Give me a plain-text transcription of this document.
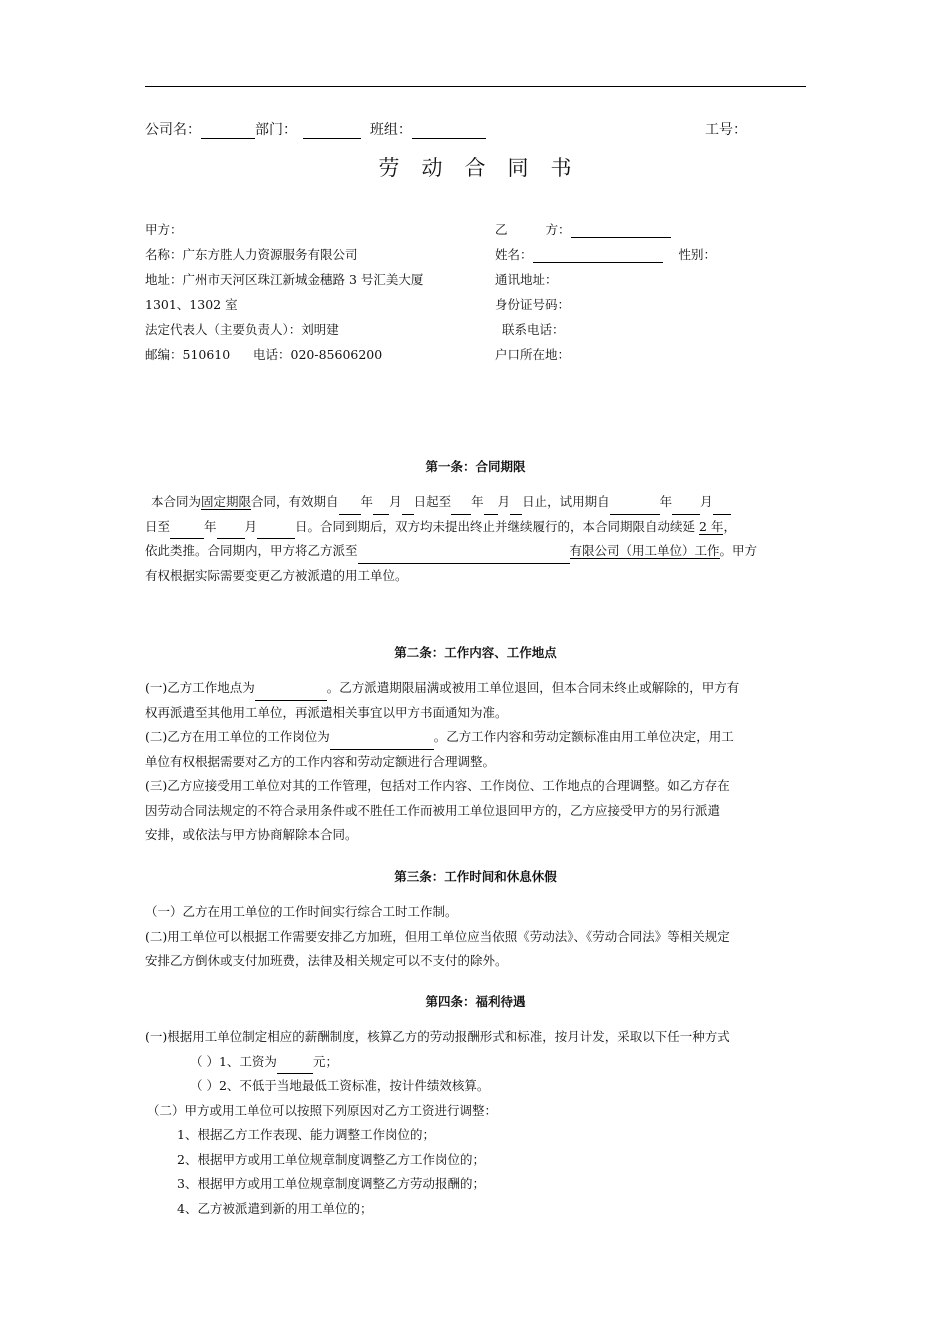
公司名：	部门：	班组：	工号：
劳动合同书
甲方：
名称：广东方胜人力资源服务有限公司
地址：广州市天河区珠江新城金穗路 3 号汇美大厦
1301、1302 室
法定代表人（主要负责人）：刘明建
邮编：510610 电话：020-85606200
乙	方：
姓名：	性别：
通讯地址：
身份证号码：
联系电话：
户口所在地：
第一条：合同期限
本合同为固定期限合同，有效期自 年 月 日起至 年 月 日止，试用期自	年 月
日至	年 月	日。合同到期后，双方均未提出终止并继续履行的，本合同期限自动续延 2 年，
依此类推。合同期内，甲方将乙方派至	有限公司（用工单位）工作。甲方
有权根据实际需要变更乙方被派遣的用工单位。
第二条：工作内容、工作地点
(一)乙方工作地点为	。乙方派遣期限届满或被用工单位退回，但本合同未终止或解除的，甲方有
权再派遣至其他用工单位，再派遣相关事宜以甲方书面通知为准。
(二)乙方在用工单位的工作岗位为	。乙方工作内容和劳动定额标准由用工单位决定，用工
单位有权根据需要对乙方的工作内容和劳动定额进行合理调整。
(三)乙方应接受用工单位对其的工作管理，包括对工作内容、工作岗位、工作地点的合理调整。如乙方存在
因劳动合同法规定的不符合录用条件或不胜任工作而被用工单位退回甲方的，乙方应接受甲方的另行派遣
安排，或依法与甲方协商解除本合同。
第三条：工作时间和休息休假
（一）乙方在用工单位的工作时间实行综合工时工作制。
(二)用工单位可以根据工作需要安排乙方加班，但用工单位应当依照《劳动法》、《劳动合同法》等相关规定
安排乙方倒休或支付加班费，法律及相关规定可以不支付的除外。
第四条：福利待遇
(一)根据用工单位制定相应的薪酬制度，核算乙方的劳动报酬形式和标准，按月计发，采取以下任一种方式
（ ）1、工资为	元；
（ ）2、不低于当地最低工资标准，按计件绩效核算。
（二）甲方或用工单位可以按照下列原因对乙方工资进行调整：
1、根据乙方工作表现、能力调整工作岗位的；
2、根据甲方或用工单位规章制度调整乙方工作岗位的；
3、根据甲方或用工单位规章制度调整乙方劳动报酬的；
4、乙方被派遣到新的用工单位的；
